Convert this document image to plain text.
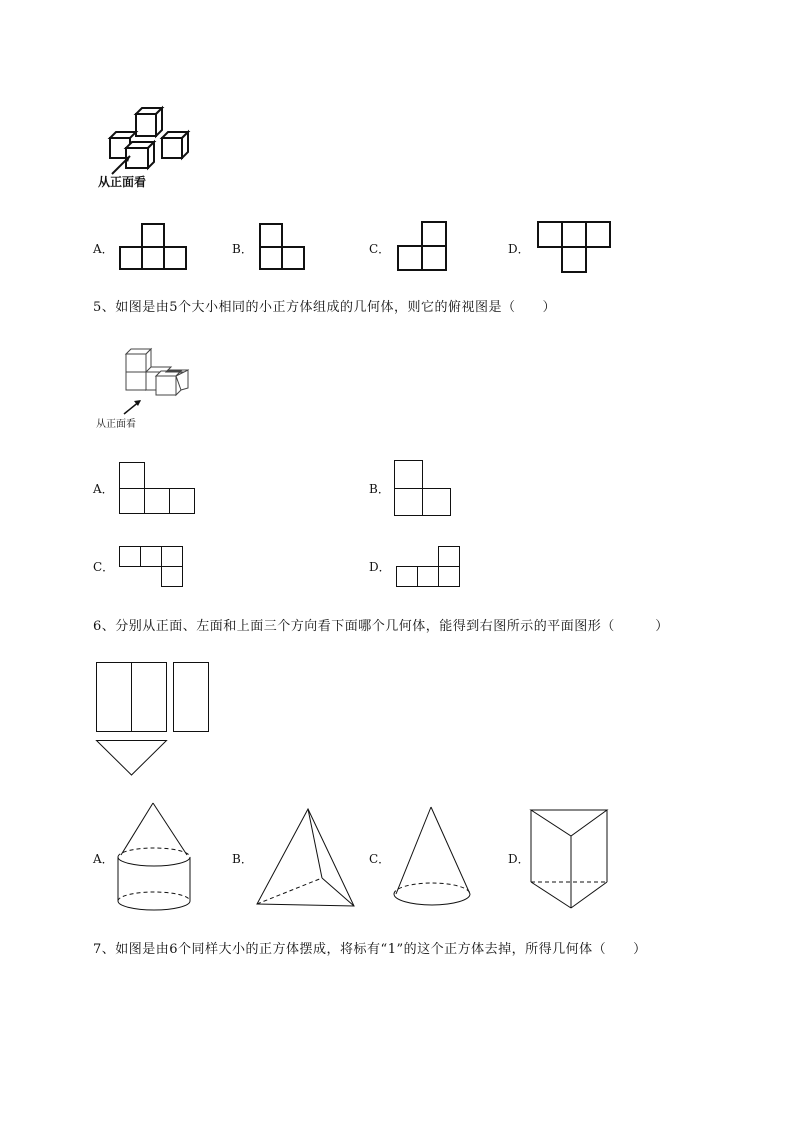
从正面看
A．	B．	C．	D．
5、如图是由5个大小相同的小正方体组成的几何体，则它的俯视图是（　　）
从正面看
A．	B．
C．	D．
6、分别从正面、左面和上面三个方向看下面哪个几何体，能得到右图所示的平面图形（　　　）
A．	B．	C．	D．
7、如图是由6个同样大小的正方体摆成，将标有“1”的这个正方体去掉，所得几何体（　　）
